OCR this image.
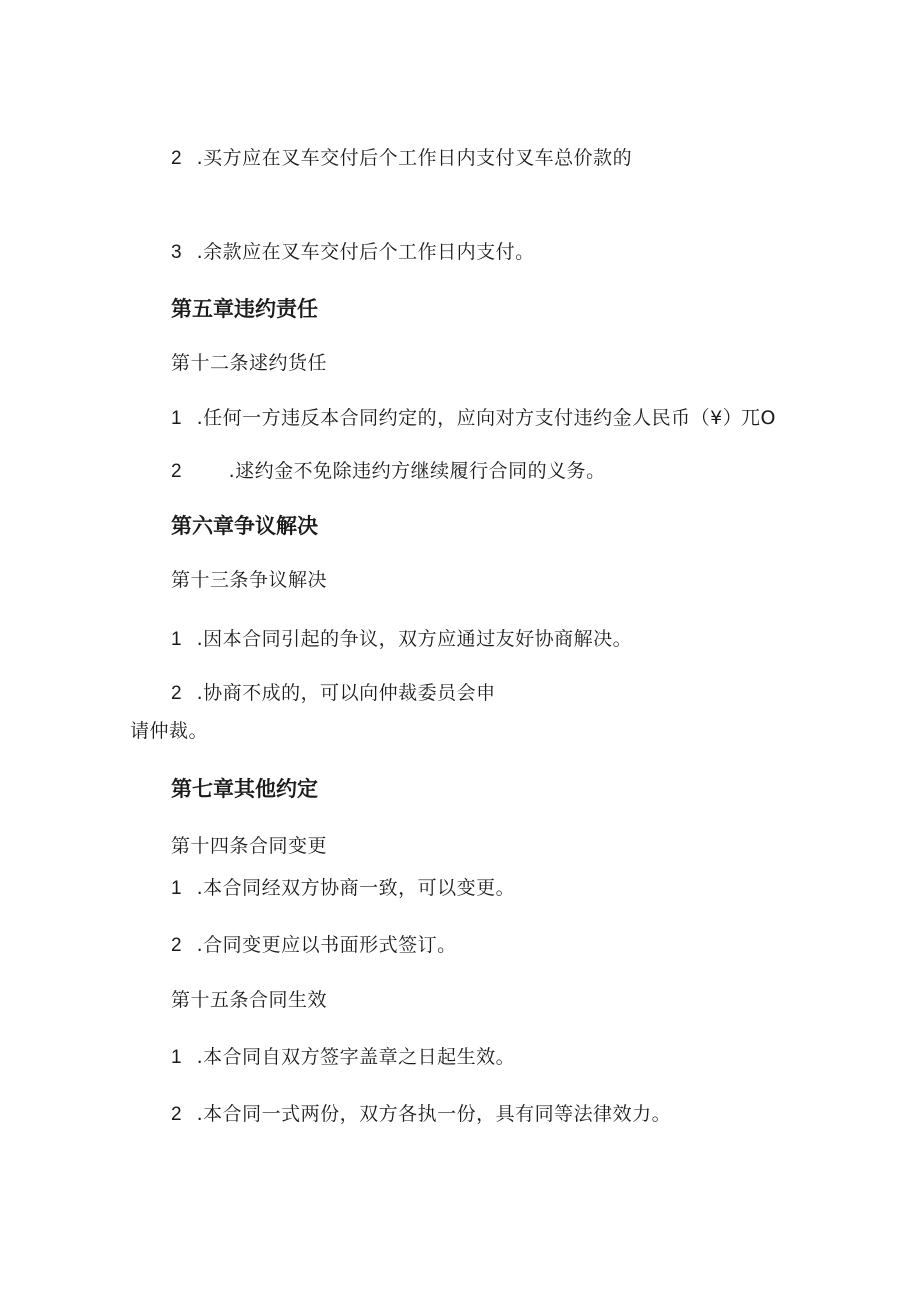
2 .买方应在叉车交付后个工作日内支付叉车总价款的
3 .余款应在叉车交付后个工作日内支付。
第五章违约责任
第十二条逑约货任
1 .任何一方违反本合同约定的，应向对方支付违约金人民币（¥）
兀O
2 .逑约金不免除违约方继续履行合同的义务。
第六章争议解决
第十三条争议解决
1 .因本合同引起的争议，双方应通过友好协商解决。
2 .协商不成的，可以向仲裁委员会申
请仲裁。
第七章其他约定
第十四条合同变更
1 .本合同经双方协商一致，可以变更。
2 .合同变更应以书面形式签订。
第十五条合同生效
1 .本合同自双方签字盖章之日起生效。
2 .本合同一式两份，双方各执一份，具有同等法律效力。
